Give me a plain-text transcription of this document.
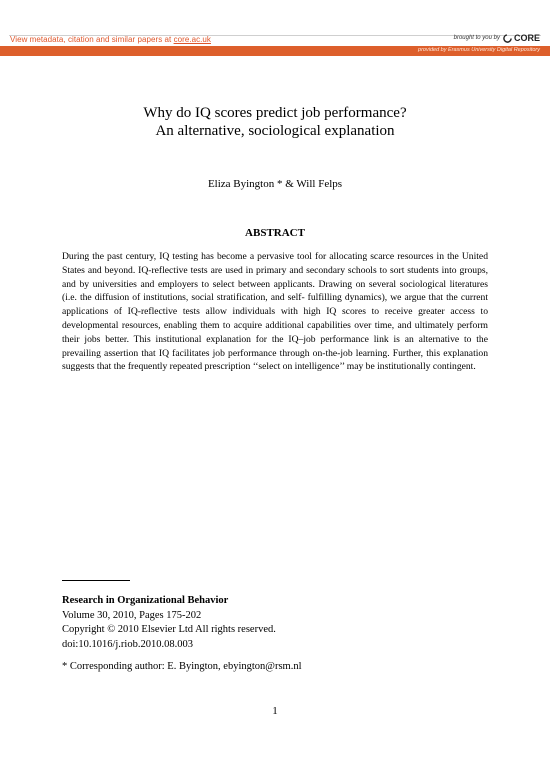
View metadata, citation and similar papers at core.ac.uk	brought to you by CORE
provided by Erasmus University Digital Repository
Why do IQ scores predict job performance?
An alternative, sociological explanation
Eliza Byington * & Will Felps
ABSTRACT
During the past century, IQ testing has become a pervasive tool for allocating scarce resources in the United States and beyond. IQ-reflective tests are used in primary and secondary schools to sort students into groups, and by universities and employers to select between applicants. Drawing on several sociological literatures (i.e. the diffusion of institutions, social stratification, and self- fulfilling dynamics), we argue that the current applications of IQ-reflective tests allow individuals with high IQ scores to receive greater access to developmental resources, enabling them to acquire additional capabilities over time, and ultimately perform their jobs better. This institutional explanation for the IQ–job performance link is an alternative to the prevailing assertion that IQ facilitates job performance through on-the-job learning. Further, this explanation suggests that the frequently repeated prescription ‘‘select on intelligence’’ may be institutionally contingent.
Research in Organizational Behavior
Volume 30, 2010, Pages 175-202
Copyright © 2010 Elsevier Ltd All rights reserved.
doi:10.1016/j.riob.2010.08.003
* Corresponding author: E. Byington, ebyington@rsm.nl
1
